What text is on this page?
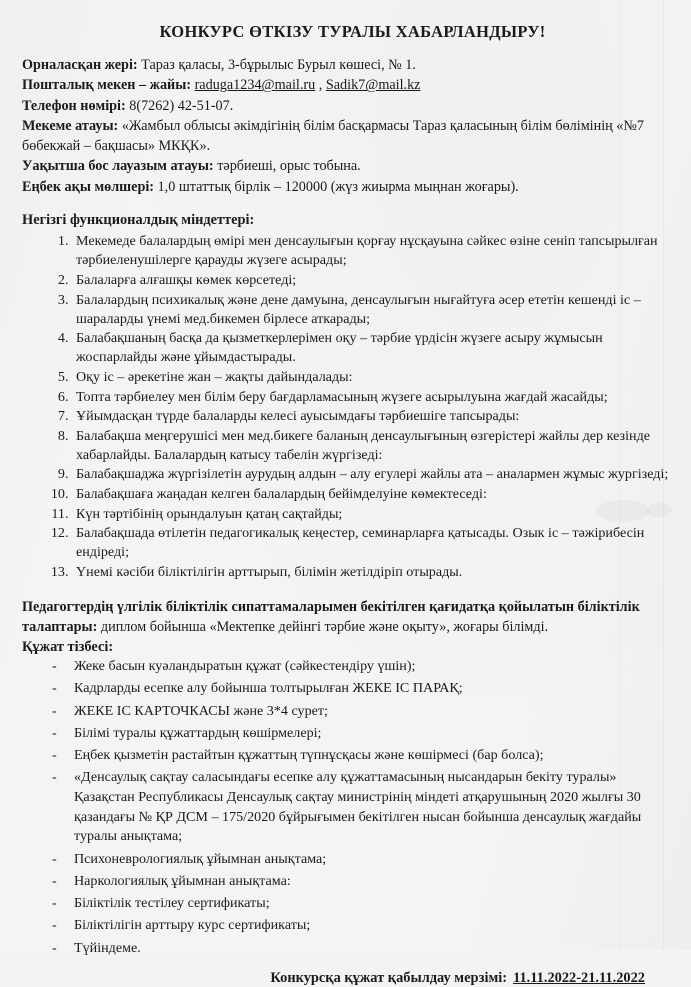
КОНКУРС ӨТКІЗУ ТУРАЛЫ ХАБАРЛАНДЫРУ!

Орналасқан жері: Тараз қаласы, 3-бұрылыс Бурыл көшесі, № 1.

Пошталық мекен – жайы: raduga1234@mail.ru , Sadik7@mail.kz

Телефон нөмірі: 8(7262) 42-51-07.

Мекеме атауы: «Жамбыл облысы әкімдігінің білім басқармасы Тараз қаласының білім бөлімінің «№7 бөбекжай – бақшасы» МКҚК».

Уақытша бос лауазым атауы: тәрбиеші, орыс тобына.

Еңбек ақы мөлшері: 1,0 штаттық бірлік – 120000 (жүз жиырма мыңнан жоғары).

Негізгі функционалдық міндеттері:
1. Мекемеде балалардың өмірі мен денсаулығын қорғау нұсқауына сәйкес өзіне сеніп тапсырылған тәрбиеленушілерге қарауды жүзеге асырады;
2. Балаларға алғашқы көмек көрсетеді;
3. Балалардың психикалық және дене дамуына, денсаулығын нығайтуға әсер ететін кешенді іс – шараларды үнемі мед.бикемен бірлесе аткарады;
4. Балабақшаның басқа да қызметкерлерімен оқу – тәрбие үрдісін жүзеге асыру жұмысын жоспарлайды және ұйымдастырады.
5. Оқу іс – әрекетіне жан – жақты дайындалады:
6. Топта тәрбиелеу мен білім беру бағдарламасының жүзеге асырылуына жағдай жасайды;
7. Ұйымдасқан түрде балаларды келесі ауысымдағы тәрбиешіге тапсырады:
8. Балабақша меңгерушісі мен мед.бикеге баланың денсаулығының өзгерістері жайлы дер кезінде хабарлайды. Балалардың катысу табелін жүргізеді:
9. Балабақшаджа жүргізілетін аурудың алдын – алу егулері жайлы ата – аналармен жұмыс жургізеді;
10. Балабақшаға жаңадан келген балалардың бейімделуіне көмектеседі:
11. Күн тәртібінің орындалуын қатаң сақтайды;
12. Балабақшада өтілетін педагогикалық кеңестер, семинарларға қатысады. Озык іс – тәжірибесін ендіреді;
13. Үнемі кәсіби біліктілігін арттырып, білімін жетілдіріп отырады.

Педагогтердің үлгілік біліктілік сипаттамаларымен бекітілген қағидатқа қойылатын біліктілік талаптары: диплом бойынша «Мектепке дейінгі тәрбие және оқыту», жоғары білімді.

Құжат тізбесі:
- Жеке басын куәландыратын құжат (сәйкестендіру үшін);
- Кадрларды есепке алу бойынша толтырылған ЖЕКЕ ІС ПАРАҚ;
- ЖЕКЕ ІС КАРТОЧКАСЫ және 3*4 сурет;
- Білімі туралы құжаттардың көшірмелері;
- Еңбек қызметін растайтын құжаттың түпнұсқасы және көшірмесі (бар болса);
- «Денсаулық сақтау саласындағы есепке алу құжаттамасының нысандарын бекіту туралы» Қазақстан Республикасы Денсаулық сақтау министрінің міндеті атқарушының 2020 жылғы 30 қазандағы № ҚР ДСМ – 175/2020 бұйрығымен бекітілген нысан бойынша денсаулық жағдайы туралы анықтама;
- Психоневрологиялық ұйымнан анықтама;
- Наркологиялық ұйымнан анықтама:
- Біліктілік тестілеу сертификаты;
- Біліктілігін арттыру курс сертификаты;
- Түйіндеме.

Конкурсқа құжат қабылдау мерзімі: 11.11.2022-21.11.2022
